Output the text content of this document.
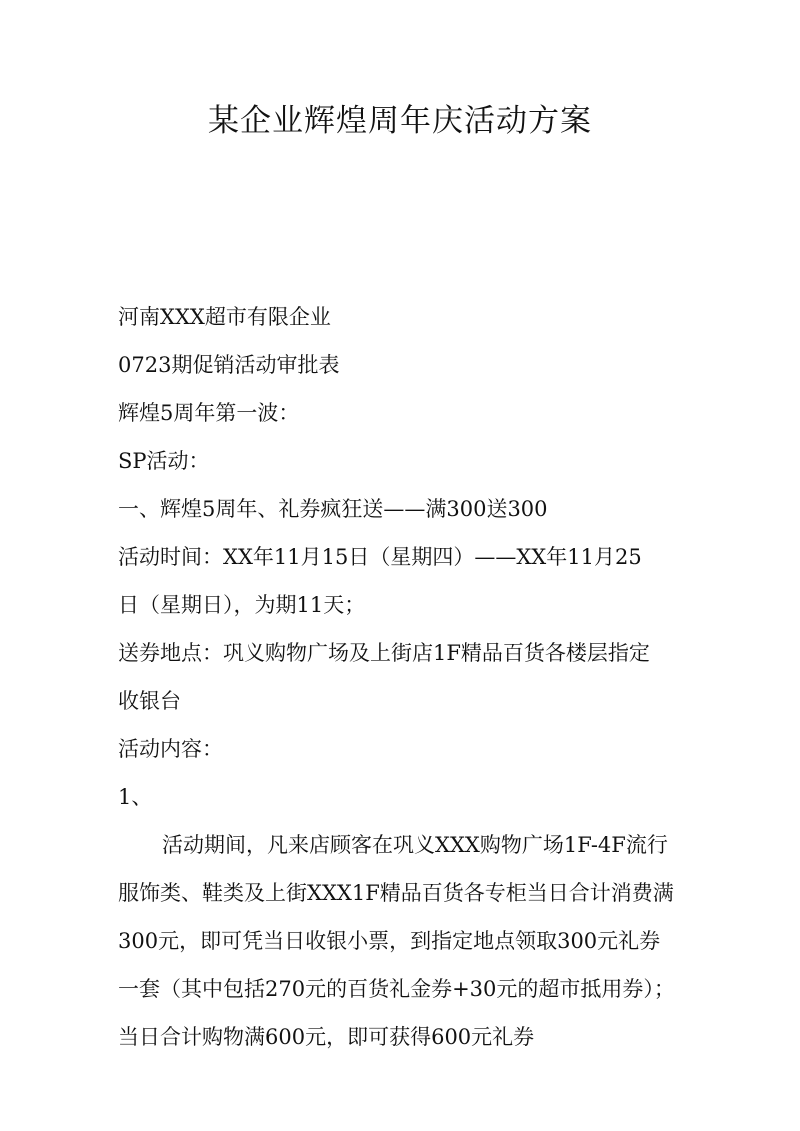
某企业辉煌周年庆活动方案
河南XXX超市有限企业
0723期促销活动审批表
辉煌5周年第一波：
SP活动：
一、辉煌5周年、礼券疯狂送——满300送300

活动时间：XX年11月15日（星期四）——XX年11月25

日（星期日），为期11天；

送券地点：巩义购物广场及上街店1F精品百货各楼层指定

收银台

活动内容：
1、

活动期间，凡来店顾客在巩义XXX购物广场1F-4F流行

服饰类、鞋类及上街XXX1F精品百货各专柜当日合计消费满

300元，即可凭当日收银小票，到指定地点领取300元礼券

一套（其中包括270元的百货礼金券+30元的超市抵用券）；

当日合计购物满600元，即可获得600元礼券
